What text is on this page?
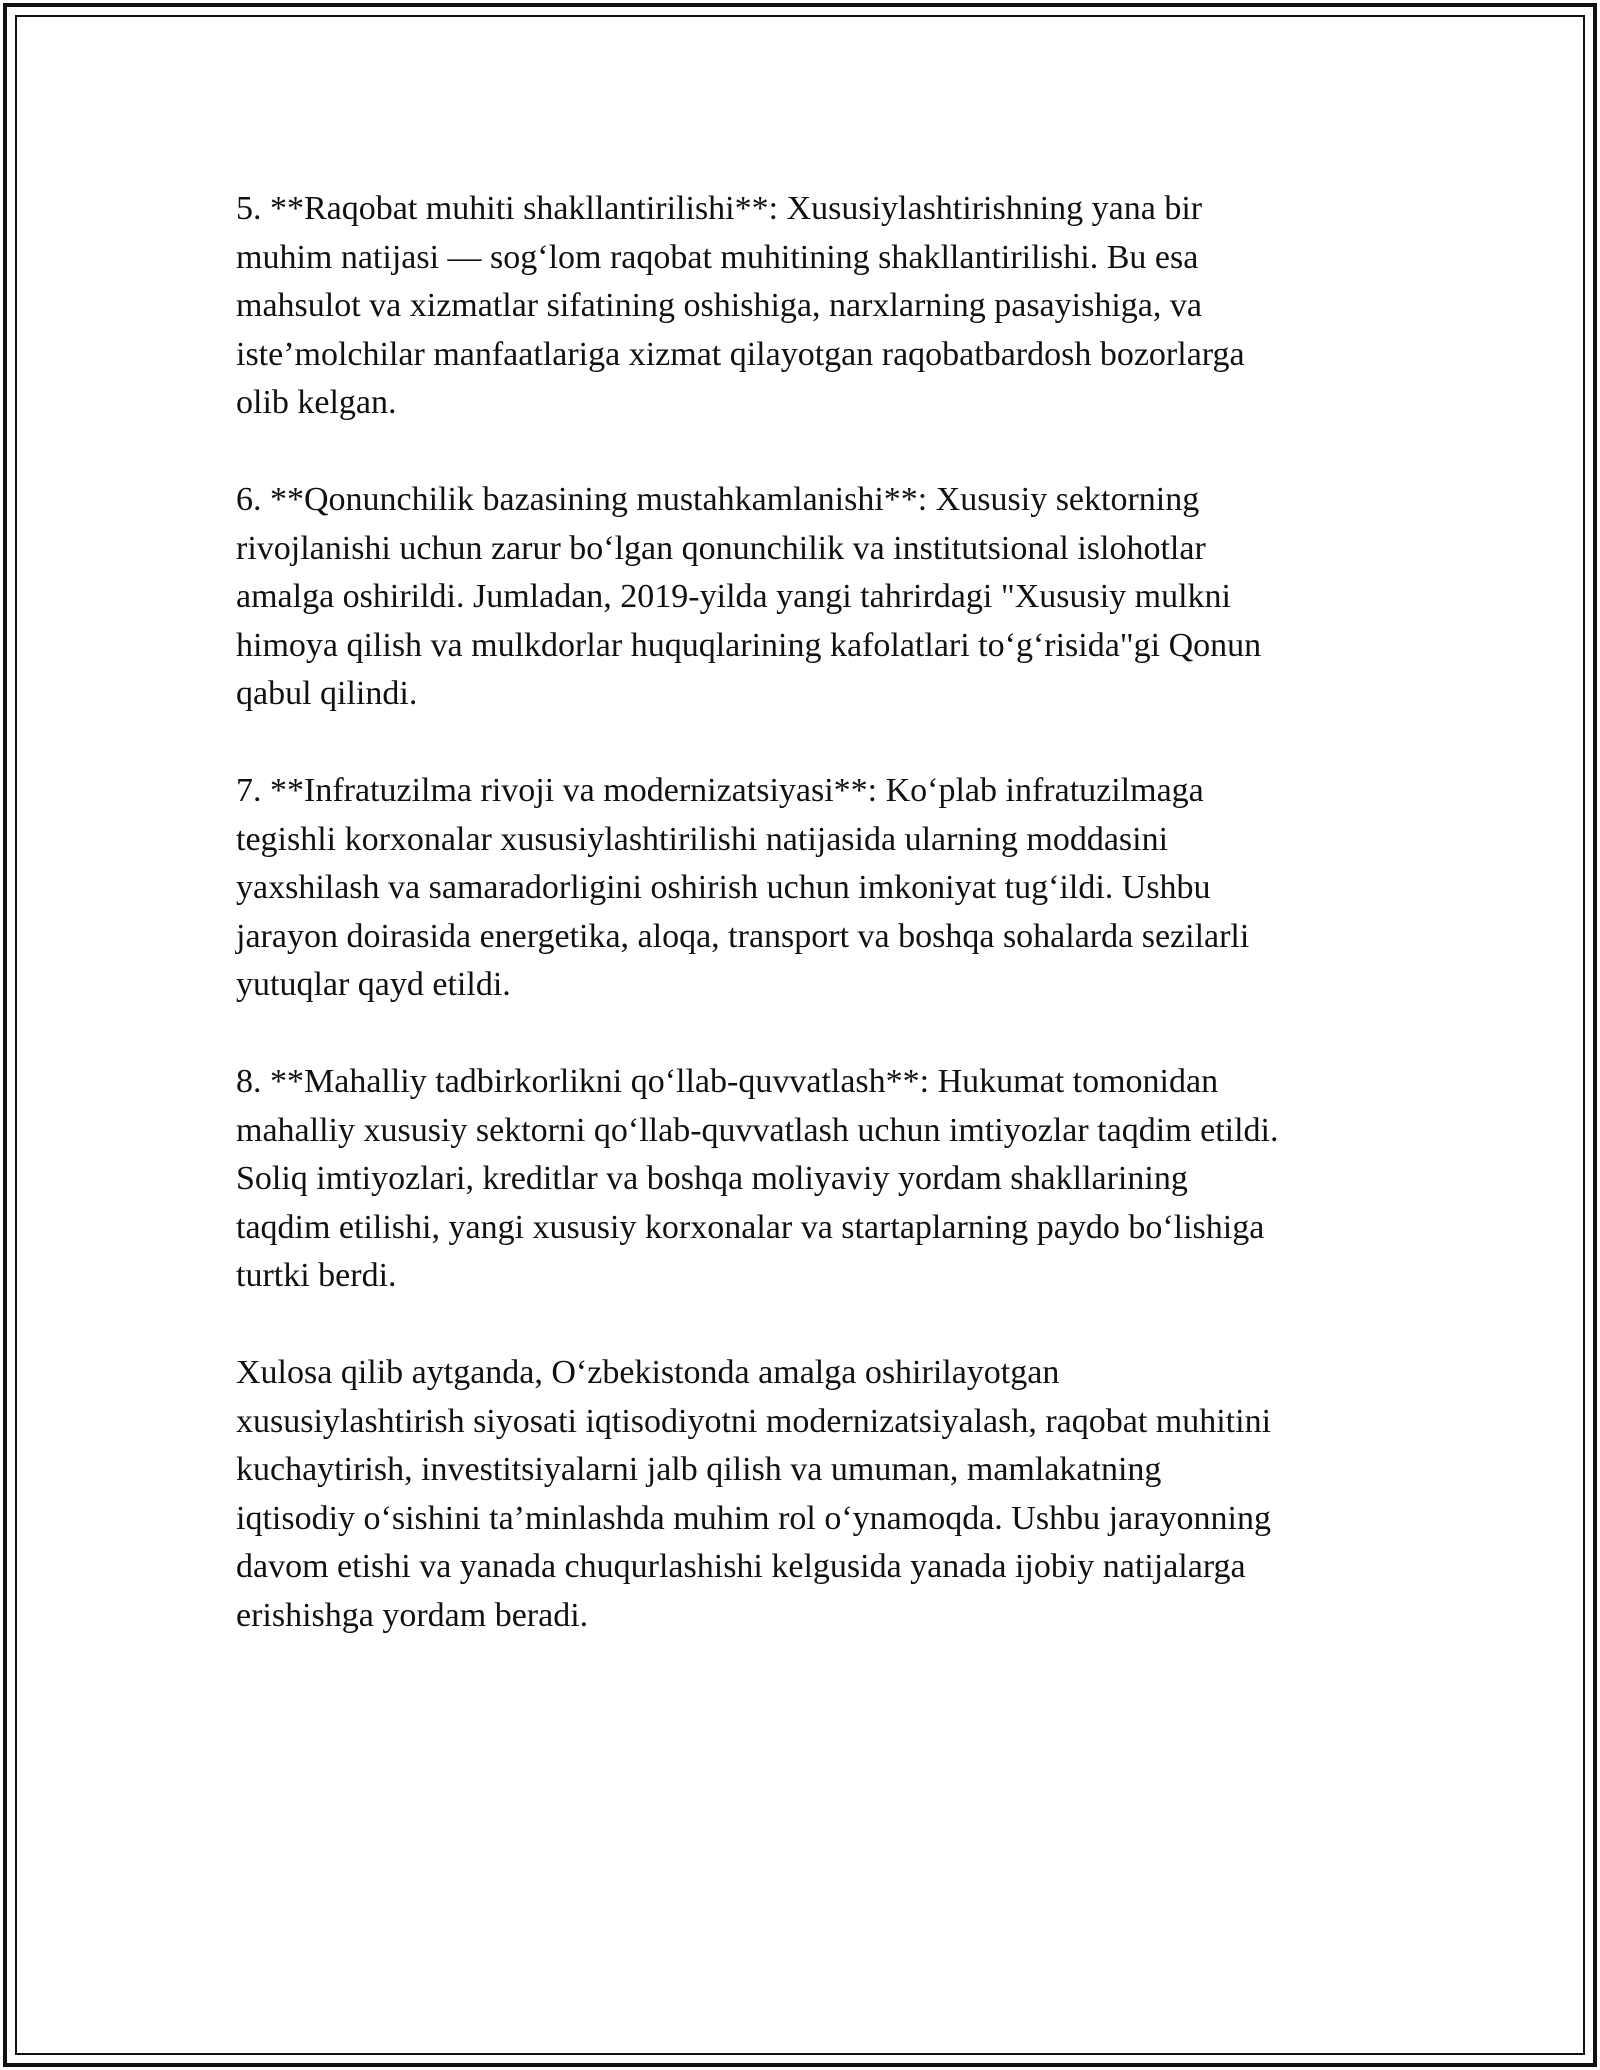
5. **Raqobat muhiti shakllantirilishi**: Xususiylashtirishning yana bir
muhim natijasi — sog‘lom raqobat muhitining shakllantirilishi. Bu esa
mahsulot va xizmatlar sifatining oshishiga, narxlarning pasayishiga, va
iste’molchilar manfaatlariga xizmat qilayotgan raqobatbardosh bozorlarga
olib kelgan.

6. **Qonunchilik bazasining mustahkamlanishi**: Xususiy sektorning
rivojlanishi uchun zarur bo‘lgan qonunchilik va institutsional islohotlar
amalga oshirildi. Jumladan, 2019-yilda yangi tahrirdagi "Xususiy mulkni
himoya qilish va mulkdorlar huquqlarining kafolatlari to‘g‘risida"gi Qonun
qabul qilindi.

7. **Infratuzilma rivoji va modernizatsiyasi**: Ko‘plab infratuzilmaga
tegishli korxonalar xususiylashtirilishi natijasida ularning moddasini
yaxshilash va samaradorligini oshirish uchun imkoniyat tug‘ildi. Ushbu
jarayon doirasida energetika, aloqa, transport va boshqa sohalarda sezilarli
yutuqlar qayd etildi.

8. **Mahalliy tadbirkorlikni qo‘llab-quvvatlash**: Hukumat tomonidan
mahalliy xususiy sektorni qo‘llab-quvvatlash uchun imtiyozlar taqdim etildi.
Soliq imtiyozlari, kreditlar va boshqa moliyaviy yordam shakllarining
taqdim etilishi, yangi xususiy korxonalar va startaplarning paydo bo‘lishiga
turtki berdi.

Xulosa qilib aytganda, O‘zbekistonda amalga oshirilayotgan
xususiylashtirish siyosati iqtisodiyotni modernizatsiyalash, raqobat muhitini
kuchaytirish, investitsiyalarni jalb qilish va umuman, mamlakatning
iqtisodiy o‘sishini ta’minlashda muhim rol o‘ynamoqda. Ushbu jarayonning
davom etishi va yanada chuqurlashishi kelgusida yanada ijobiy natijalarga
erishishga yordam beradi.
